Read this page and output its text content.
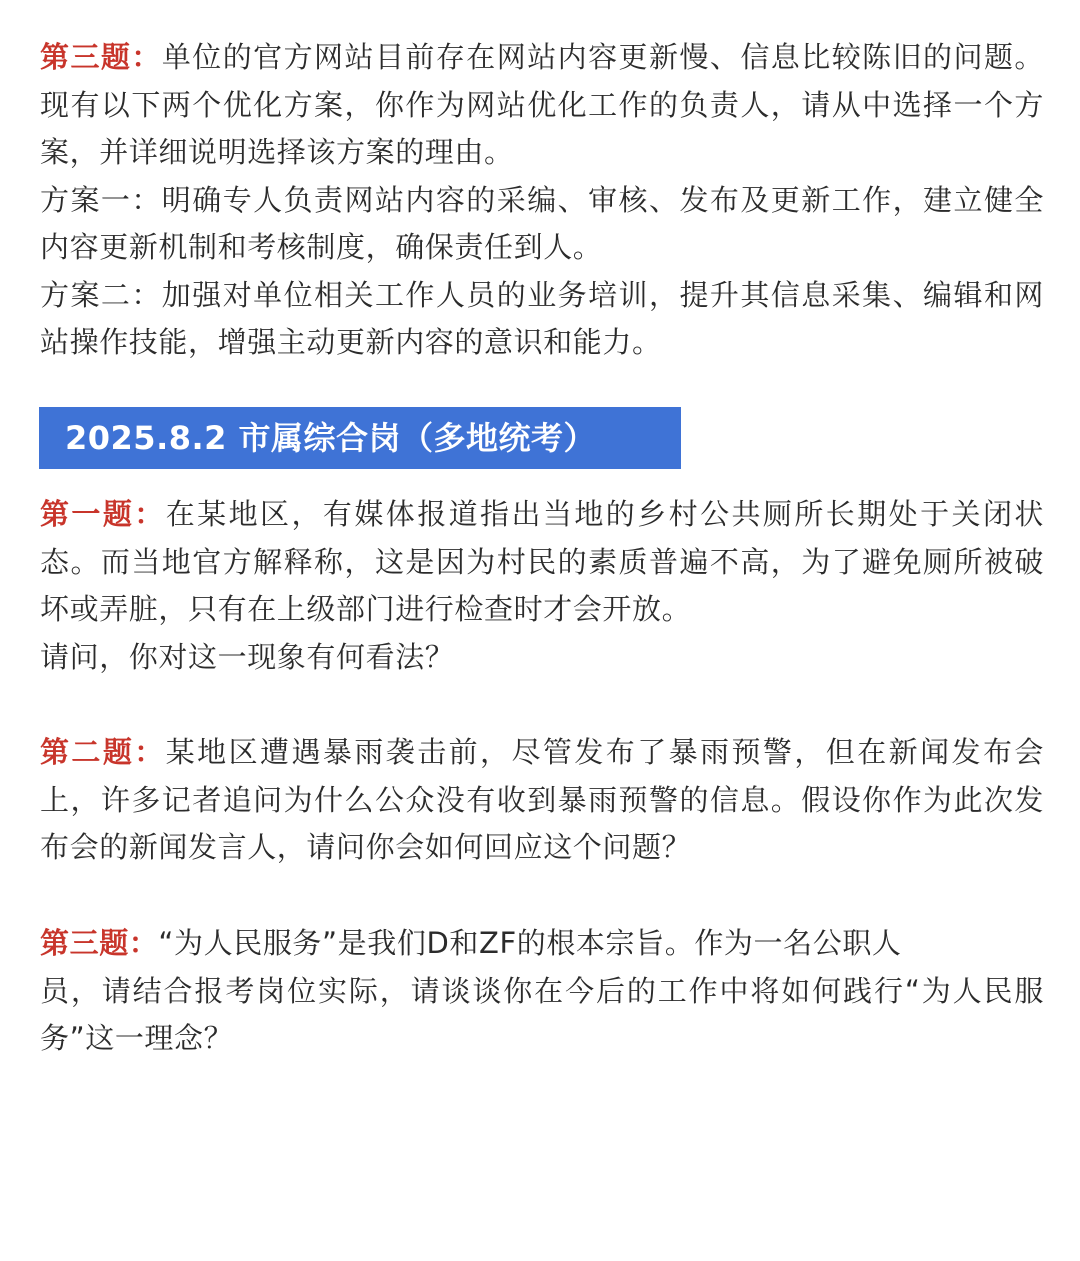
第三题：单位的官方网站目前存在网站内容更新慢、信息比较陈旧的问题。现有以下两个优化方案，你作为网站优化工作的负责人，请从中选择一个方案，并详细说明选择该方案的理由。

方案一：明确专人负责网站内容的采编、审核、发布及更新工作，建立健全内容更新机制和考核制度，确保责任到人。

方案二：加强对单位相关工作人员的业务培训，提升其信息采集、编辑和网站操作技能，增强主动更新内容的意识和能力。

2025.8.2 市属综合岗（多地统考）

第一题：在某地区，有媒体报道指出当地的乡村公共厕所长期处于关闭状态。而当地官方解释称，这是因为村民的素质普遍不高，为了避免厕所被破坏或弄脏，只有在上级部门进行检查时才会开放。

请问，你对这一现象有何看法？

第二题：某地区遭遇暴雨袭击前，尽管发布了暴雨预警，但在新闻发布会上，许多记者追问为什么公众没有收到暴雨预警的信息。假设你作为此次发布会的新闻发言人，请问你会如何回应这个问题？

第三题：“为人民服务”是我们D和ZF的根本宗旨。作为一名公职人
员，请结合报考岗位实际，请谈谈你在今后的工作中将如何践行“为人民服务”这一理念？
